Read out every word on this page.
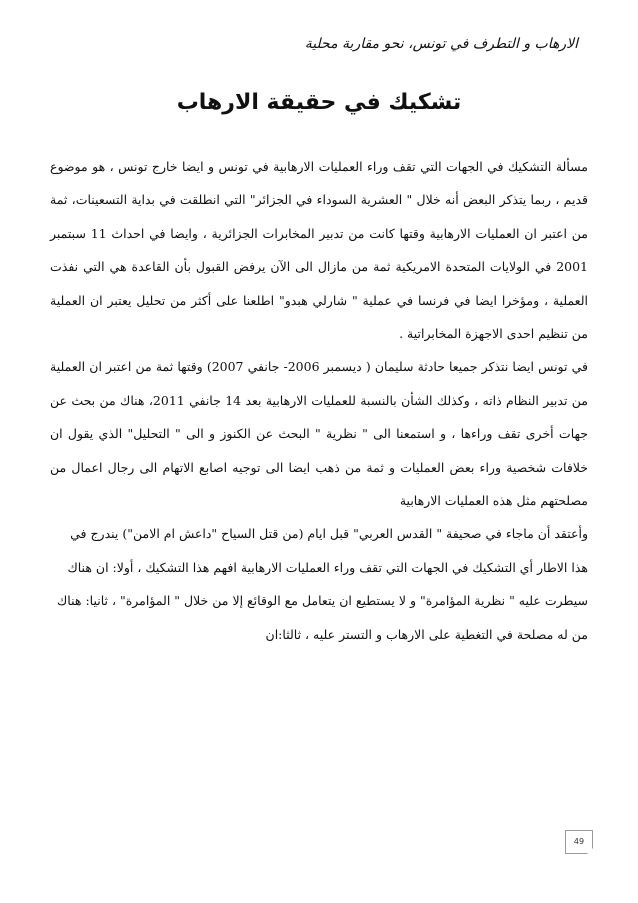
الارهاب و التطرف في تونس، نحو مقاربة محلية
تشكيك في حقيقة الارهاب

مسألة التشكيك في الجهات التي تقف وراء العمليات الارهابية في تونس و ايضا خارج تونس ، هو موضوع قديم ، ربما يتذكر البعض أنه خلال " العشرية السوداء في الجزائر" التي انطلقت في بداية التسعينات، ثمة من اعتبر ان العمليات الارهابية وقتها كانت من تدبير المخابرات الجزائرية ، وايضا في احداث 11 سبتمبر 2001 في الولايات المتحدة الامريكية ثمة من مازال الى الآن يرفض القبول بأن القاعدة هي التي نفذت العملية ، ومؤخرا ايضا في فرنسا في عملية " شارلي هبدو" اطلعنا على أكثر من تحليل يعتبر ان العملية من تنظيم احدى الاجهزة المخابراتية .

في تونس ايضا نتذكر جميعا حادثة سليمان ( ديسمبر 2006- جانفي 2007) وقتها ثمة من اعتبر ان العملية من تدبير النظام ذاته ، وكذلك الشأن بالنسبة للعمليات الارهابية بعد 14 جانفي 2011، هناك من بحث عن جهات أخرى تقف وراءها ، و استمعنا الى " نظرية " البحث عن الكنوز و الى " التحليل" الذي يقول ان خلافات شخصية وراء بعض العمليات و ثمة من ذهب ايضا الى توجيه اصابع الاتهام الى رجال اعمال من مصلحتهم مثل هذه العمليات الارهابية

وأعتقد أن ماجاء في صحيفة " القدس العربي" قبل ايام (من قتل السياح "داعش ام الامن") يندرج في هذا الاطار أي التشكيك في الجهات التي تقف وراء العمليات الارهابية افهم هذا التشكيك ، أولا: ان هناك سيطرت عليه " نظرية المؤامرة" و لا يستطيع ان يتعامل مع الوقائع إلا من خلال " المؤامرة" ، ثانيا: هناك من له مصلحة في التغطية على الارهاب و التستر عليه ، ثالثا:ان

49
